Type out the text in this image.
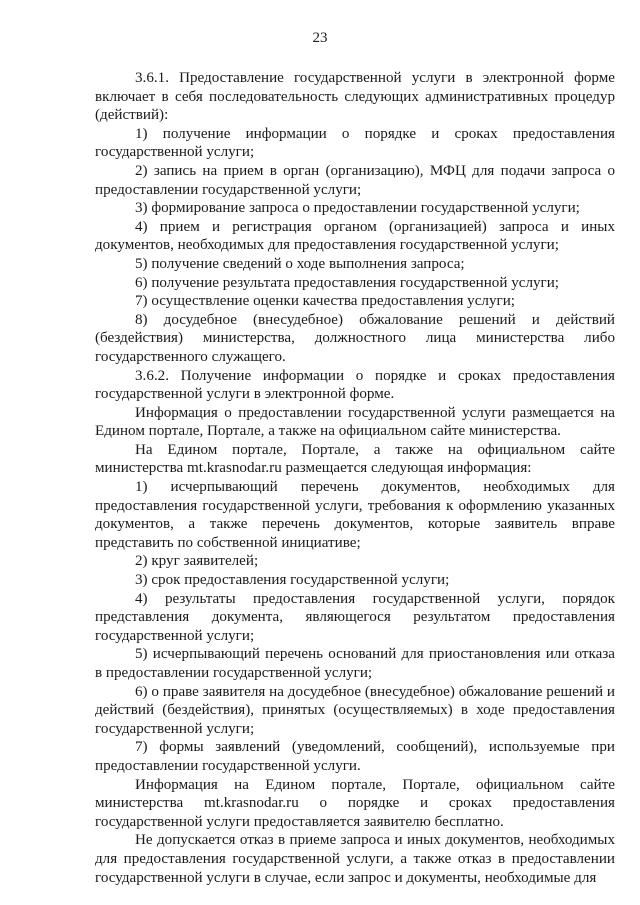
23

3.6.1. Предоставление государственной услуги в электронной форме включает в себя последовательность следующих административных процедур (действий):

1) получение информации о порядке и сроках предоставления государственной услуги;

2) запись на прием в орган (организацию), МФЦ для подачи запроса о предоставлении государственной услуги;

3) формирование запроса о предоставлении государственной услуги;

4) прием и регистрация органом (организацией) запроса и иных документов, необходимых для предоставления государственной услуги;

5) получение сведений о ходе выполнения запроса;

6) получение результата предоставления государственной услуги;

7) осуществление оценки качества предоставления услуги;

8) досудебное (внесудебное) обжалование решений и действий (бездействия) министерства, должностного лица министерства либо государственного служащего.

3.6.2. Получение информации о порядке и сроках предоставления государственной услуги в электронной форме.

Информация о предоставлении государственной услуги размещается на Едином портале, Портале, а также на официальном сайте министерства.

На Едином портале, Портале, а также на официальном сайте министерства mt.krasnodar.ru размещается следующая информация:

1) исчерпывающий перечень документов, необходимых для предоставления государственной услуги, требования к оформлению указанных документов, а также перечень документов, которые заявитель вправе представить по собственной инициативе;

2) круг заявителей;

3) срок предоставления государственной услуги;

4) результаты предоставления государственной услуги, порядок представления документа, являющегося результатом предоставления государственной услуги;

5) исчерпывающий перечень оснований для приостановления или отказа в предоставлении государственной услуги;

6) о праве заявителя на досудебное (внесудебное) обжалование решений и действий (бездействия), принятых (осуществляемых) в ходе предоставления государственной услуги;

7) формы заявлений (уведомлений, сообщений), используемые при предоставлении государственной услуги.

Информация на Едином портале, Портале, официальном сайте министерства mt.krasnodar.ru о порядке и сроках предоставления государственной услуги предоставляется заявителю бесплатно.

Не допускается отказ в приеме запроса и иных документов, необходимых для предоставления государственной услуги, а также отказ в предоставлении государственной услуги в случае, если запрос и документы, необходимые для
